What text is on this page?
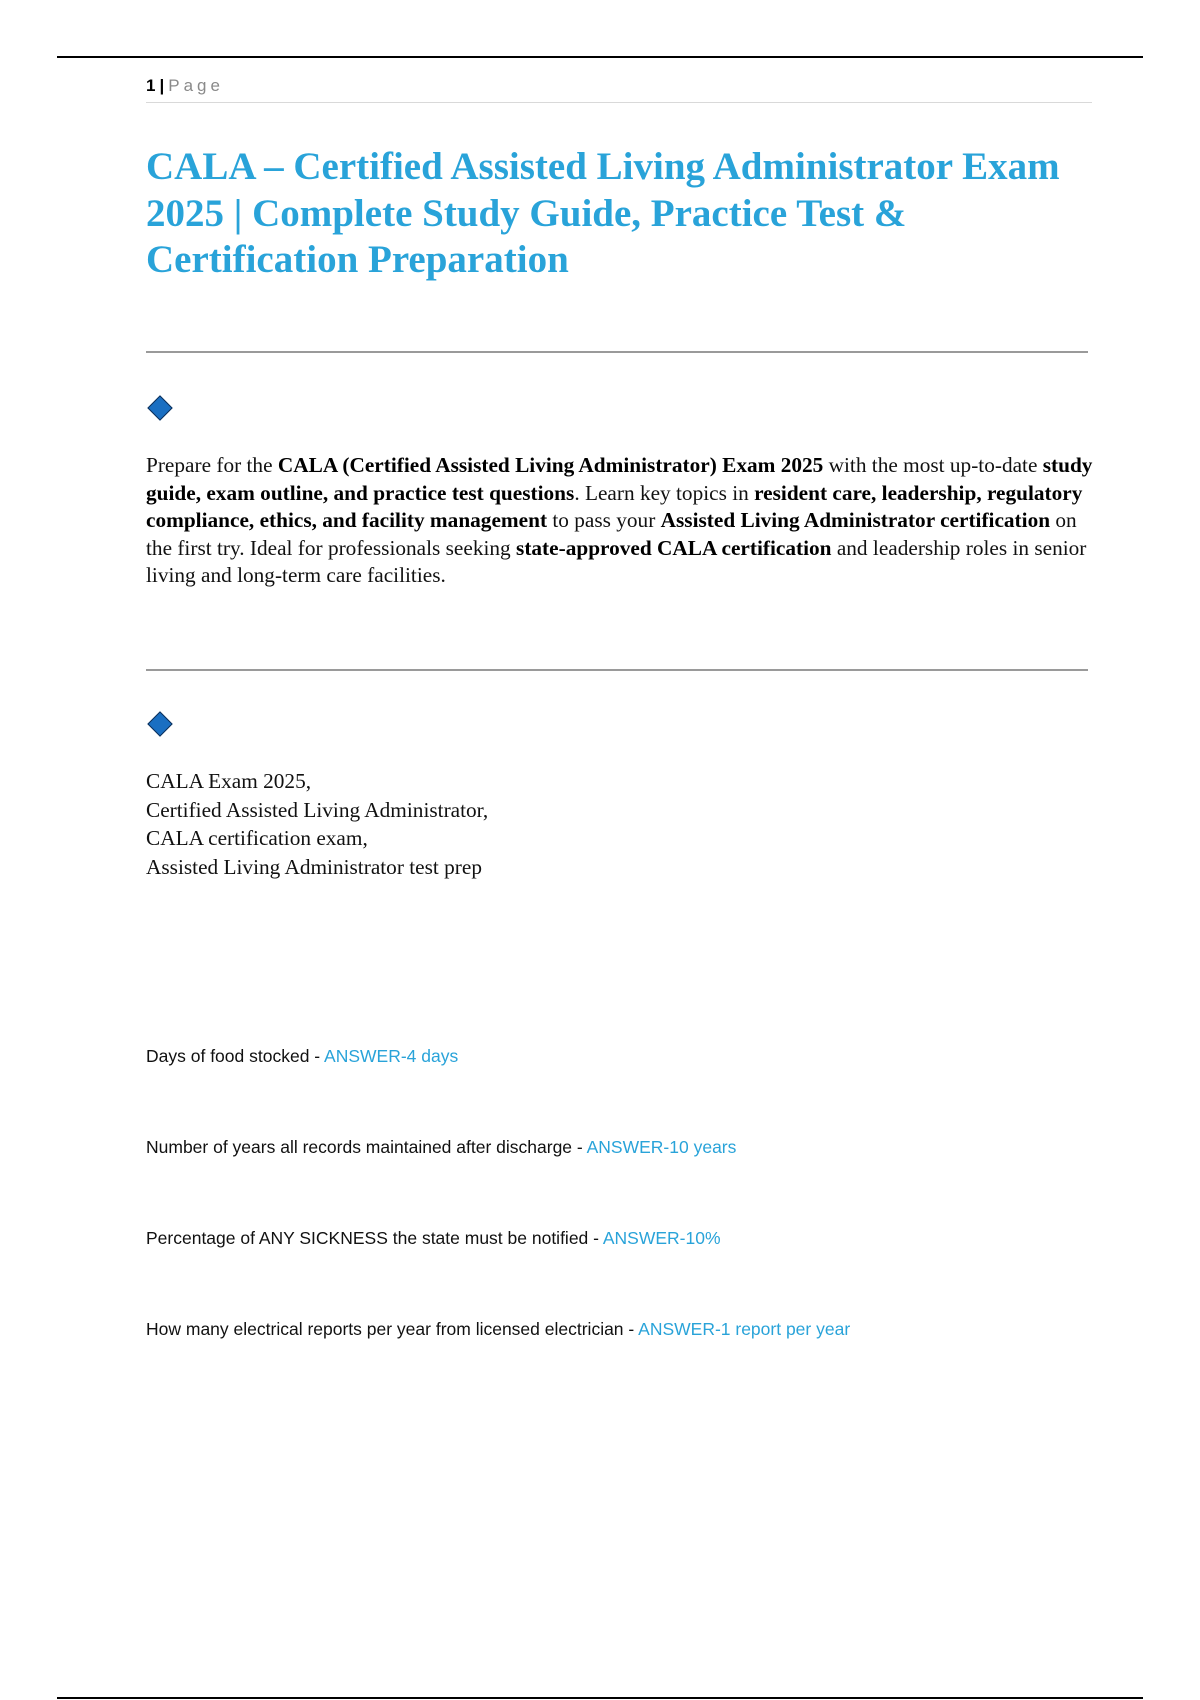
1 | Page
CALA – Certified Assisted Living Administrator Exam 2025 | Complete Study Guide, Practice Test & Certification Preparation

Prepare for the CALA (Certified Assisted Living Administrator) Exam 2025 with the most up-to-date study guide, exam outline, and practice test questions. Learn key topics in resident care, leadership, regulatory compliance, ethics, and facility management to pass your Assisted Living Administrator certification on the first try. Ideal for professionals seeking state-approved CALA certification and leadership roles in senior living and long-term care facilities.

CALA Exam 2025,
Certified Assisted Living Administrator,
CALA certification exam,
Assisted Living Administrator test prep

Days of food stocked - ANSWER-4 days

Number of years all records maintained after discharge - ANSWER-10 years

Percentage of ANY SICKNESS the state must be notified - ANSWER-10%

How many electrical reports per year from licensed electrician - ANSWER-1 report per year
